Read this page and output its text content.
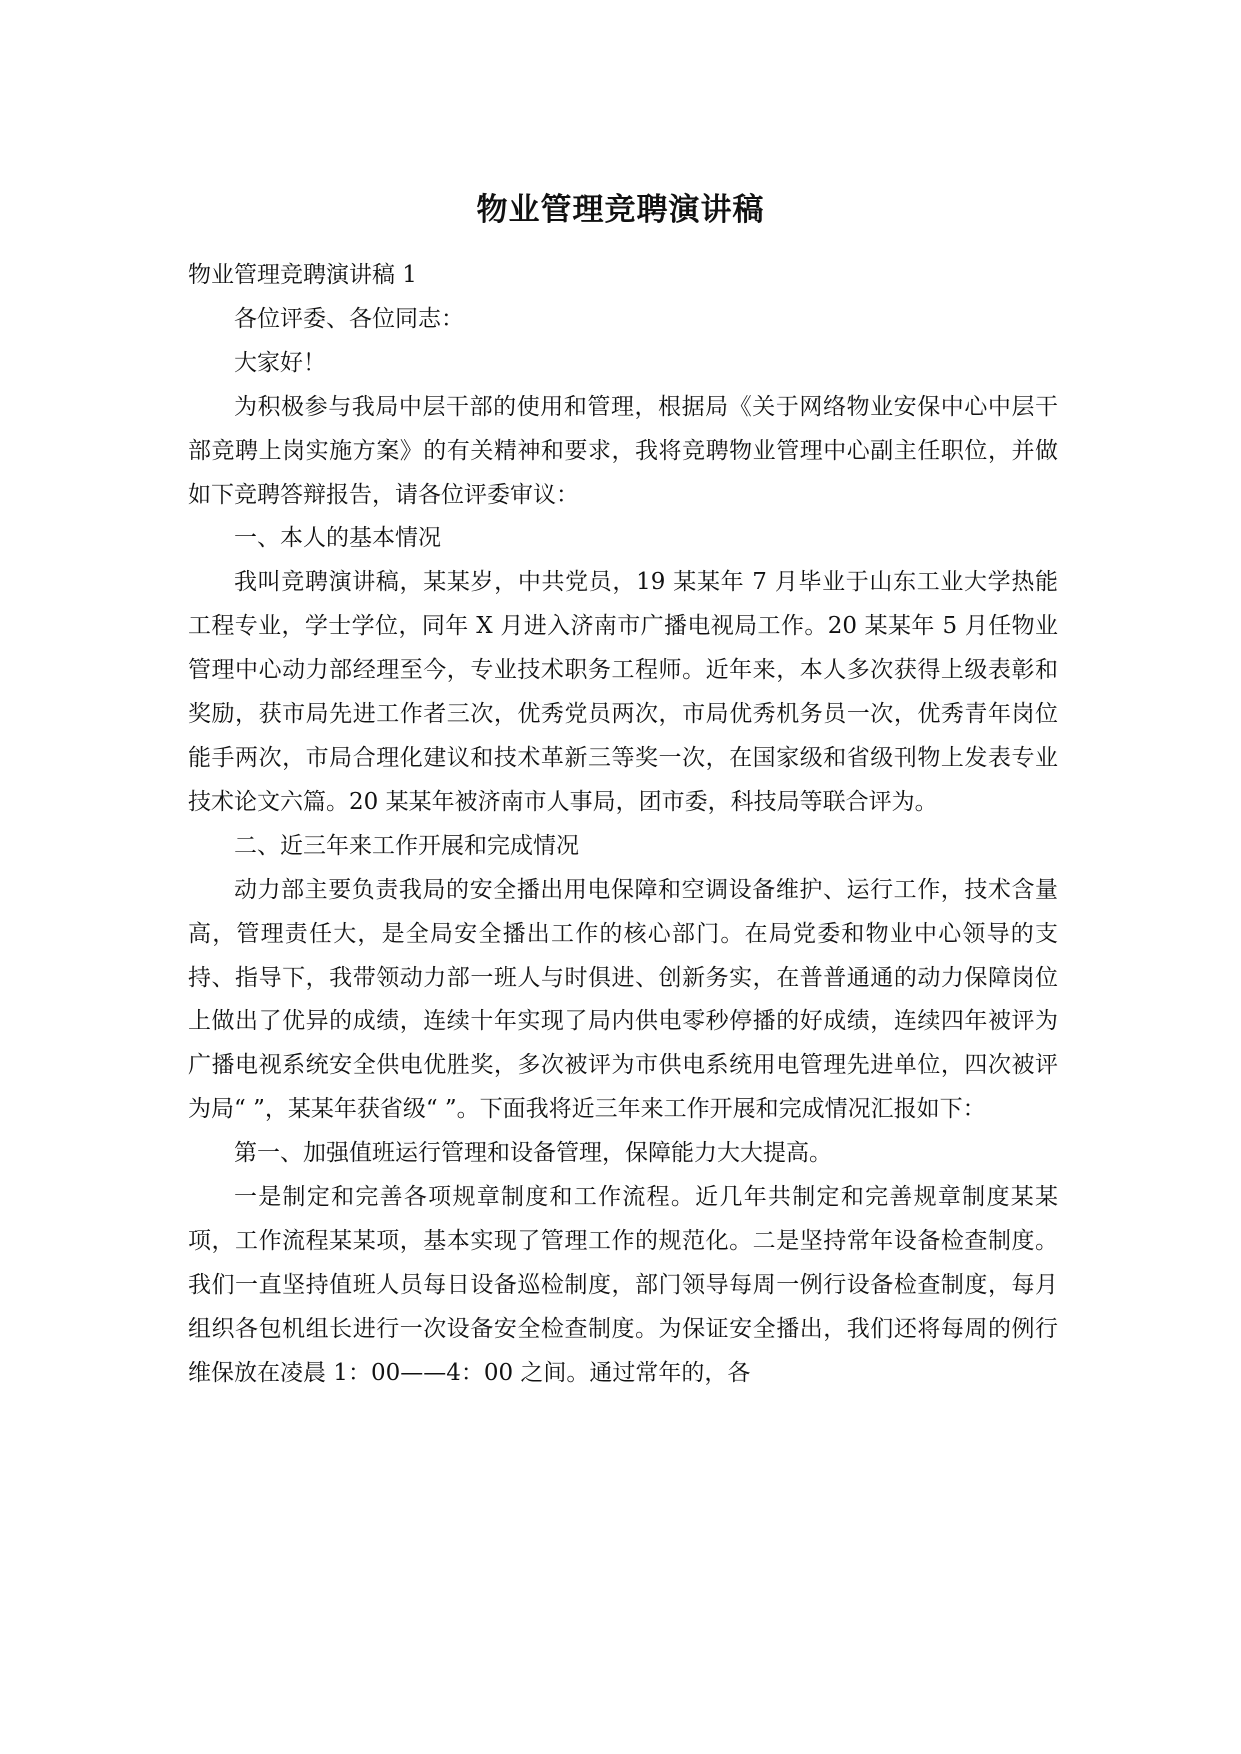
物业管理竞聘演讲稿

物业管理竞聘演讲稿 1

各位评委、各位同志：

大家好！

为积极参与我局中层干部的使用和管理，根据局《关于网络物业安保中心中层干部竞聘上岗实施方案》的有关精神和要求，我将竞聘物业管理中心副主任职位，并做如下竞聘答辩报告，请各位评委审议：

一、本人的基本情况

我叫竞聘演讲稿，某某岁，中共党员，19 某某年 7 月毕业于山东工业大学热能工程专业，学士学位，同年 X 月进入济南市广播电视局工作。20 某某年 5 月任物业管理中心动力部经理至今，专业技术职务工程师。近年来，本人多次获得上级表彰和奖励，获市局先进工作者三次，优秀党员两次，市局优秀机务员一次，优秀青年岗位能手两次，市局合理化建议和技术革新三等奖一次，在国家级和省级刊物上发表专业技术论文六篇。20 某某年被济南市人事局，团市委，科技局等联合评为。

二、近三年来工作开展和完成情况

动力部主要负责我局的安全播出用电保障和空调设备维护、运行工作，技术含量高，管理责任大，是全局安全播出工作的核心部门。在局党委和物业中心领导的支持、指导下，我带领动力部一班人与时俱进、创新务实，在普普通通的动力保障岗位上做出了优异的成绩，连续十年实现了局内供电零秒停播的好成绩，连续四年被评为广播电视系统安全供电优胜奖，多次被评为市供电系统用电管理先进单位，四次被评为局“ ”，某某年获省级“ ”。下面我将近三年来工作开展和完成情况汇报如下：

第一、加强值班运行管理和设备管理，保障能力大大提高。

一是制定和完善各项规章制度和工作流程。近几年共制定和完善规章制度某某项，工作流程某某项，基本实现了管理工作的规范化。二是坚持常年设备检查制度。我们一直坚持值班人员每日设备巡检制度，部门领导每周一例行设备检查制度，每月组织各包机组长进行一次设备安全检查制度。为保证安全播出，我们还将每周的例行维保放在凌晨 1：00——4：00 之间。通过常年的，各
